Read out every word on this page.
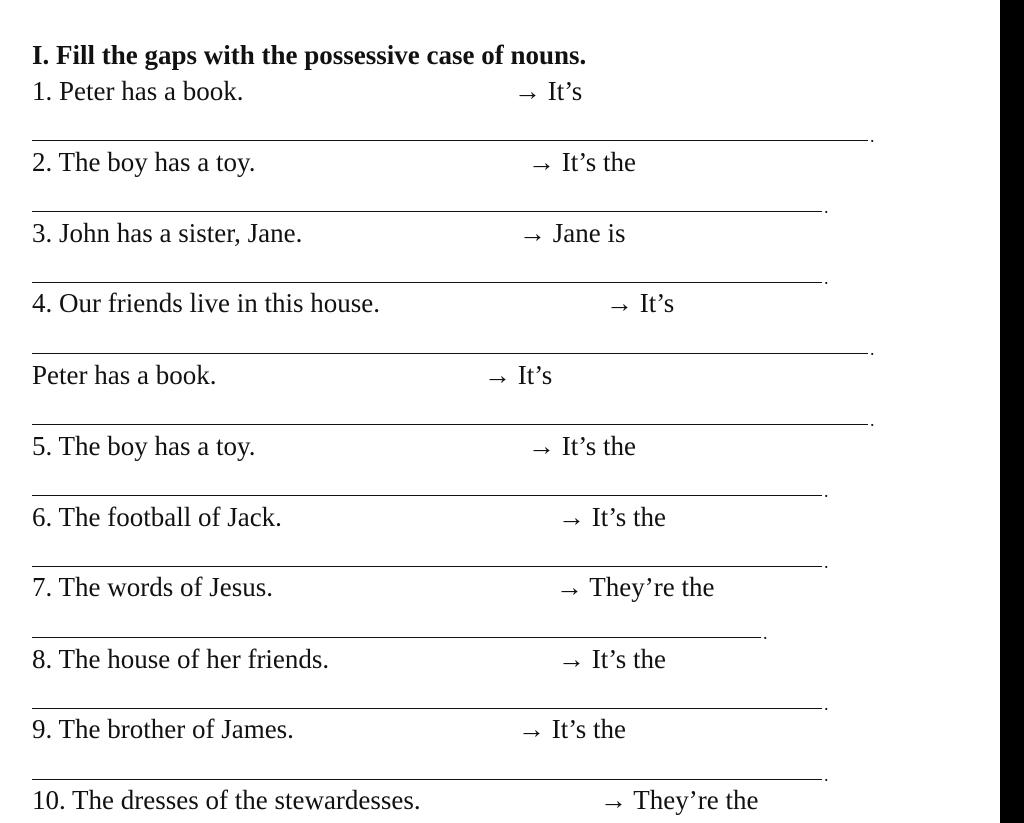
I. Fill the gaps with the possessive case of nouns.
1. Peter has a book.	→ It’s
.
2. The boy has a toy.	→ It’s the
.
3. John has a sister, Jane.	→ Jane is
.
4. Our friends live in this house.	→ It’s
.
Peter has a book.	→ It’s
.
5. The boy has a toy.	→ It’s the
.
6. The football of Jack.	→ It’s the
.
7. The words of Jesus.	→ They’re the
.
8. The house of her friends.	→ It’s the
.
9. The brother of James.	→ It’s the
.
10. The dresses of the stewardesses.	→ They’re the
